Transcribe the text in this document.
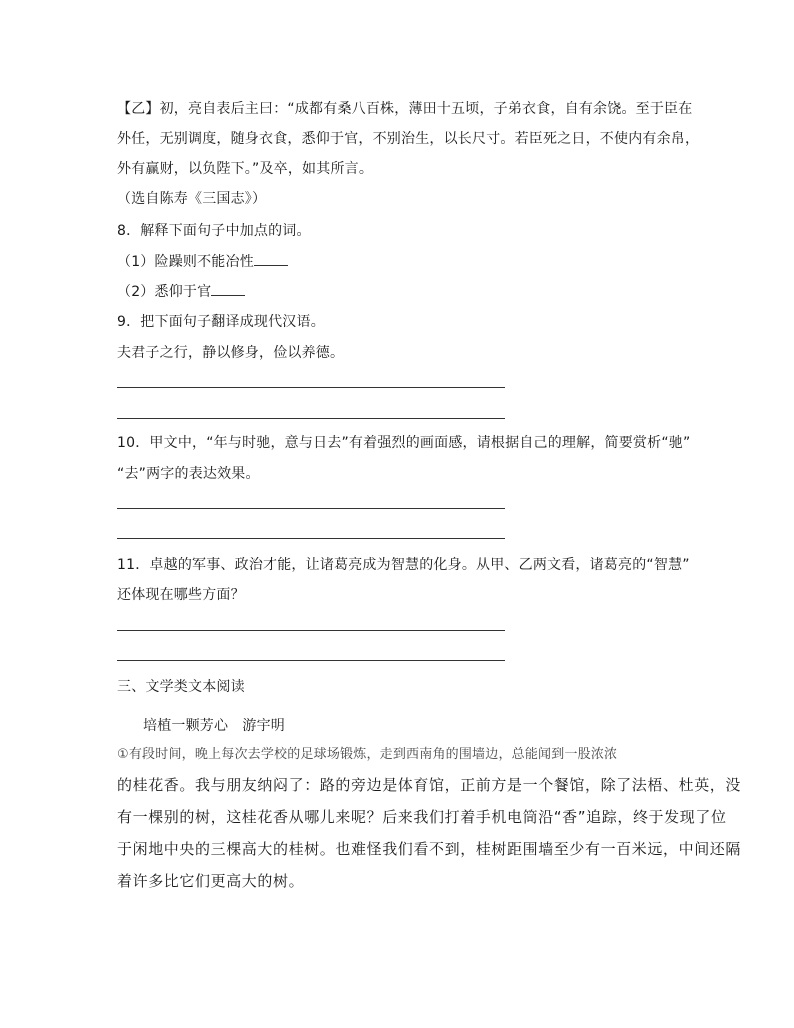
【乙】初，亮自表后主曰：“成都有桑八百株，薄田十五顷，子弟衣食，自有余饶。至于臣在
外任，无别调度，随身衣食，悉仰于官，不别治生，以长尺寸。若臣死之日，不使内有余帛，
外有赢财，以负陛下。”及卒，如其所言。
（选自陈寿《三国志》）
8．解释下面句子中加点的词。
（1）险躁则不能冶性
（2）悉仰于官
9．把下面句子翻译成现代汉语。
夫君子之行，静以修身，俭以养德。
10．甲文中，“年与时驰，意与日去”有着强烈的画面感，请根据自己的理解，简要赏析“驰”
“去”两字的表达效果。
11．卓越的军事、政治才能，让诸葛亮成为智慧的化身。从甲、乙两文看，诸葛亮的“智慧”
还体现在哪些方面？
三、文学类文本阅读
培植一颗芳心　游宇明
①有段时间，晚上每次去学校的足球场锻炼，走到西南角的围墙边，总能闻到一股浓浓
的桂花香。我与朋友纳闷了：路的旁边是体育馆，正前方是一个餐馆，除了法梧、杜英，没
有一棵别的树，这桂花香从哪儿来呢？后来我们打着手机电筒沿“香”追踪，终于发现了位
于闲地中央的三棵高大的桂树。也难怪我们看不到，桂树距围墙至少有一百米远，中间还隔
着许多比它们更高大的树。
